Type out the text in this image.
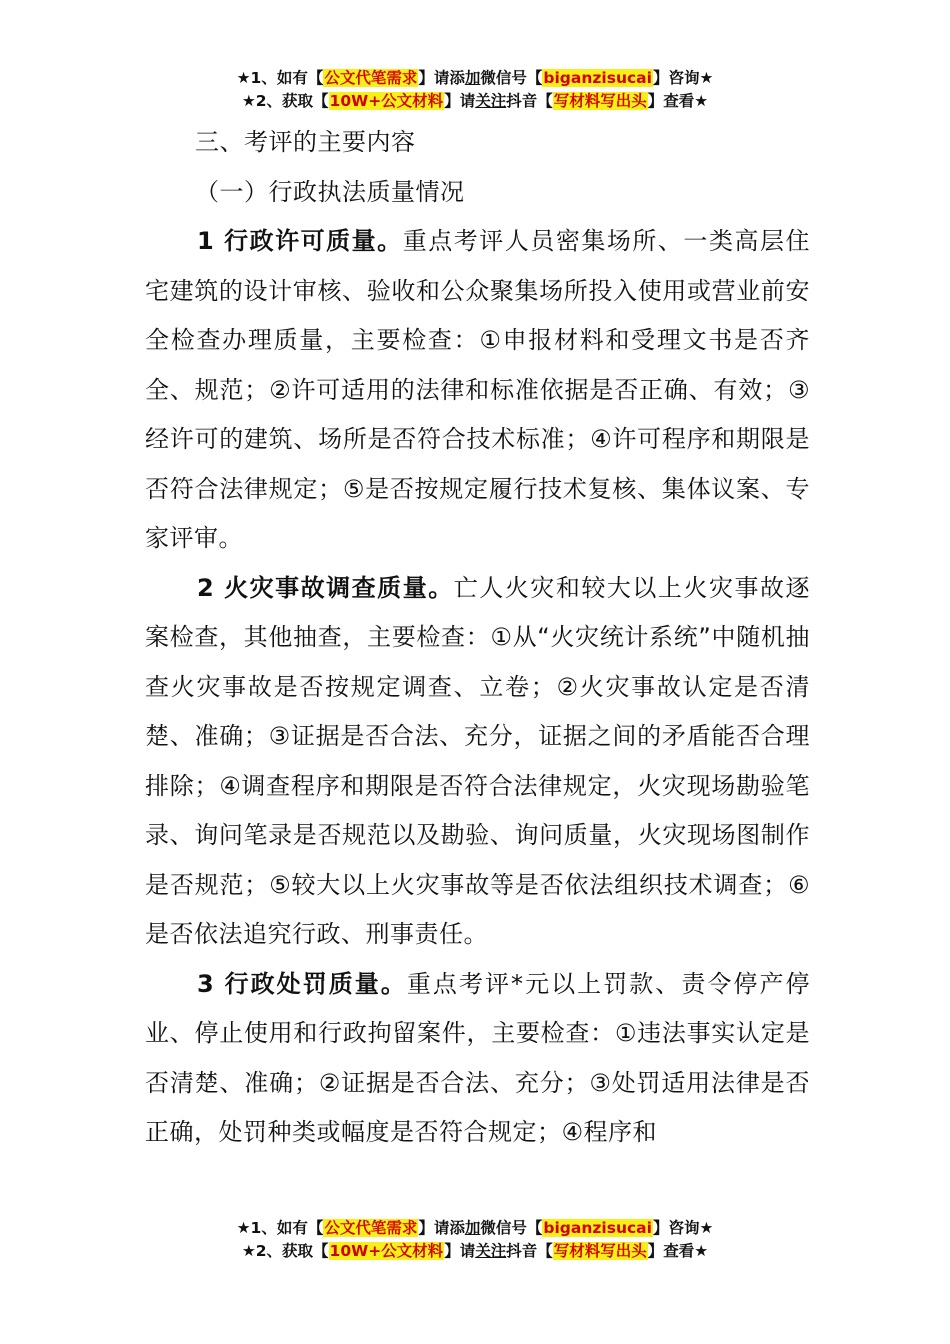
★1、如有【公文代笔需求】请添加微信号【biganzisucai】咨询★
★2、获取【10W+公文材料】请关注抖音【写材料写出头】查看★

三、考评的主要内容

（一）行政执法质量情况

1 行政许可质量。重点考评人员密集场所、一类高层住宅建筑的设计审核、验收和公众聚集场所投入使用或营业前安全检查办理质量，主要检查：①申报材料和受理文书是否齐全、规范；②许可适用的法律和标准依据是否正确、有效；③经许可的建筑、场所是否符合技术标准；④许可程序和期限是否符合法律规定；⑤是否按规定履行技术复核、集体议案、专家评审。

2 火灾事故调查质量。亡人火灾和较大以上火灾事故逐案检查，其他抽查，主要检查：①从“火灾统计系统”中随机抽查火灾事故是否按规定调查、立卷；②火灾事故认定是否清楚、准确；③证据是否合法、充分，证据之间的矛盾能否合理排除；④调查程序和期限是否符合法律规定，火灾现场勘验笔录、询问笔录是否规范以及勘验、询问质量，火灾现场图制作是否规范；⑤较大以上火灾事故等是否依法组织技术调查；⑥是否依法追究行政、刑事责任。

3 行政处罚质量。重点考评*元以上罚款、责令停产停业、停止使用和行政拘留案件，主要检查：①违法事实认定是否清楚、准确；②证据是否合法、充分；③处罚适用法律是否正确，处罚种类或幅度是否符合规定；④程序和

★1、如有【公文代笔需求】请添加微信号【biganzisucai】咨询★
★2、获取【10W+公文材料】请关注抖音【写材料写出头】查看★
